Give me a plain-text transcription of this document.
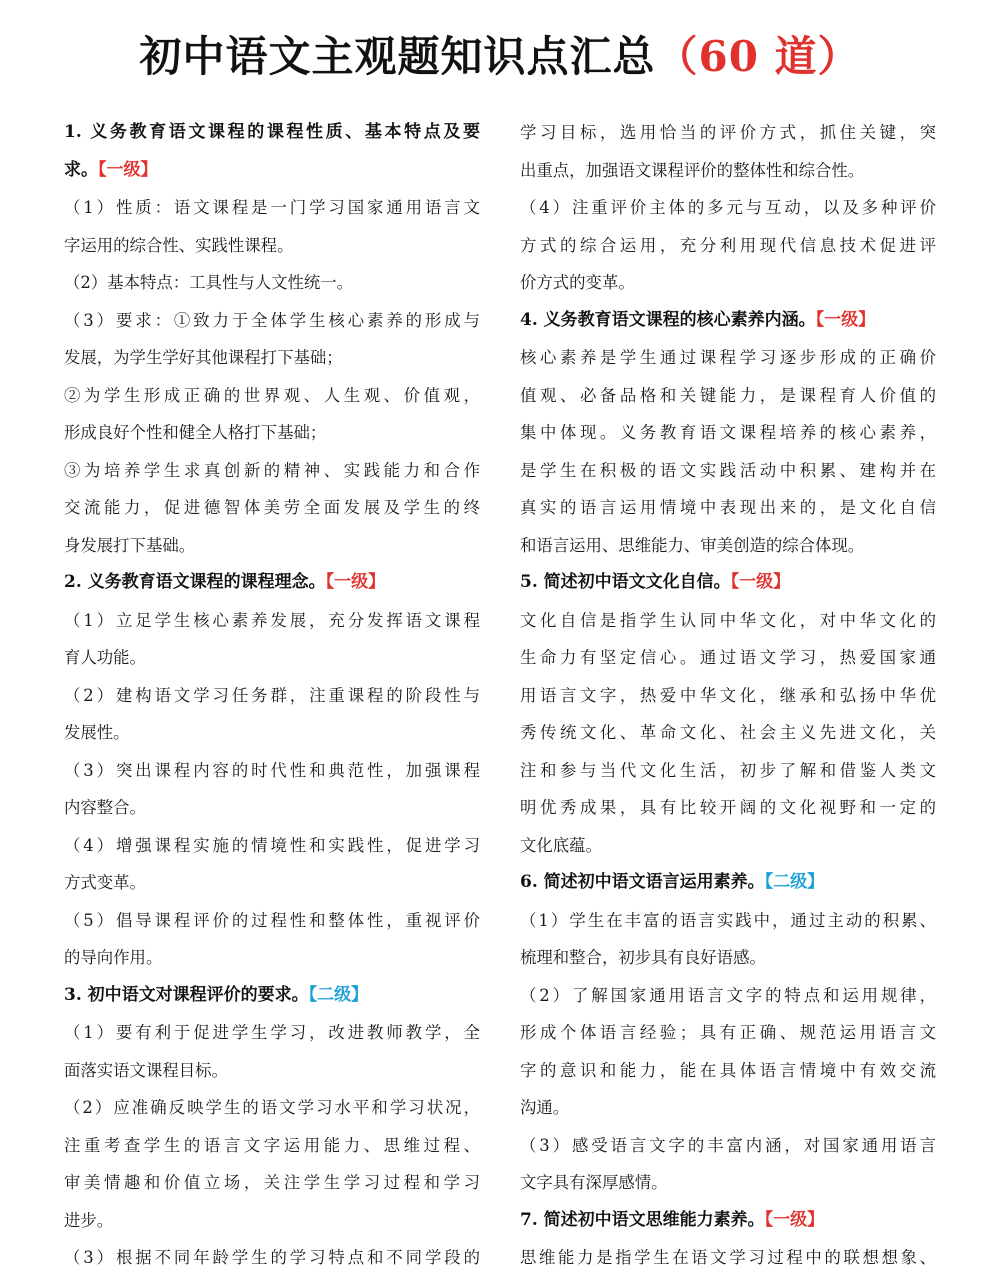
初中语文主观题知识点汇总（60 道）
1. 义务教育语文课程的课程性质、基本特点及要
求。【一级】
（1）性质：语文课程是一门学习国家通用语言文
字运用的综合性、实践性课程。
（2）基本特点：工具性与人文性统一。
（3）要求：①致力于全体学生核心素养的形成与
发展，为学生学好其他课程打下基础；
②为学生形成正确的世界观、人生观、价值观，
形成良好个性和健全人格打下基础；
③为培养学生求真创新的精神、实践能力和合作
交流能力，促进德智体美劳全面发展及学生的终
身发展打下基础。
2. 义务教育语文课程的课程理念。【一级】
（1）立足学生核心素养发展，充分发挥语文课程
育人功能。
（2）建构语文学习任务群，注重课程的阶段性与
发展性。
（3）突出课程内容的时代性和典范性，加强课程
内容整合。
（4）增强课程实施的情境性和实践性，促进学习
方式变革。
（5）倡导课程评价的过程性和整体性，重视评价
的导向作用。
3. 初中语文对课程评价的要求。【二级】
（1）要有利于促进学生学习，改进教师教学，全
面落实语文课程目标。
（2）应准确反映学生的语文学习水平和学习状况，
注重考查学生的语言文字运用能力、思维过程、
审美情趣和价值立场，关注学生学习过程和学习
进步。
（3）根据不同年龄学生的学习特点和不同学段的
学习目标，选用恰当的评价方式，抓住关键，突
出重点，加强语文课程评价的整体性和综合性。
（4）注重评价主体的多元与互动，以及多种评价
方式的综合运用，充分利用现代信息技术促进评
价方式的变革。
4. 义务教育语文课程的核心素养内涵。【一级】
核心素养是学生通过课程学习逐步形成的正确价
值观、必备品格和关键能力，是课程育人价值的
集中体现。义务教育语文课程培养的核心素养，
是学生在积极的语文实践活动中积累、建构并在
真实的语言运用情境中表现出来的，是文化自信
和语言运用、思维能力、审美创造的综合体现。
5. 简述初中语文文化自信。【一级】
文化自信是指学生认同中华文化，对中华文化的
生命力有坚定信心。通过语文学习，热爱国家通
用语言文字，热爱中华文化，继承和弘扬中华优
秀传统文化、革命文化、社会主义先进文化，关
注和参与当代文化生活，初步了解和借鉴人类文
明优秀成果，具有比较开阔的文化视野和一定的
文化底蕴。
6. 简述初中语文语言运用素养。【二级】
（1）学生在丰富的语言实践中，通过主动的积累、
梳理和整合，初步具有良好语感。
（2）了解国家通用语言文字的特点和运用规律，
形成个体语言经验；具有正确、规范运用语言文
字的意识和能力，能在具体语言情境中有效交流
沟通。
（3）感受语言文字的丰富内涵，对国家通用语言
文字具有深厚感情。
7. 简述初中语文思维能力素养。【一级】
思维能力是指学生在语文学习过程中的联想想象、
